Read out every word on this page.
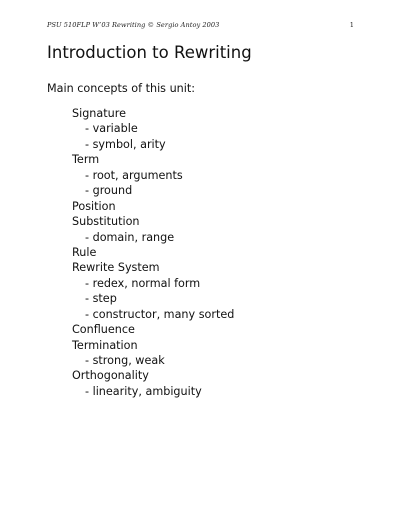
PSU 510FLP W’03 Rewriting © Sergio Antoy 2003	1
Introduction to Rewriting
Main concepts of this unit:
Signature
- variable
- symbol, arity
Term
- root, arguments
- ground
Position
Substitution
- domain, range
Rule
Rewrite System
- redex, normal form
- step
- constructor, many sorted
Confluence
Termination
- strong, weak
Orthogonality
- linearity, ambiguity
